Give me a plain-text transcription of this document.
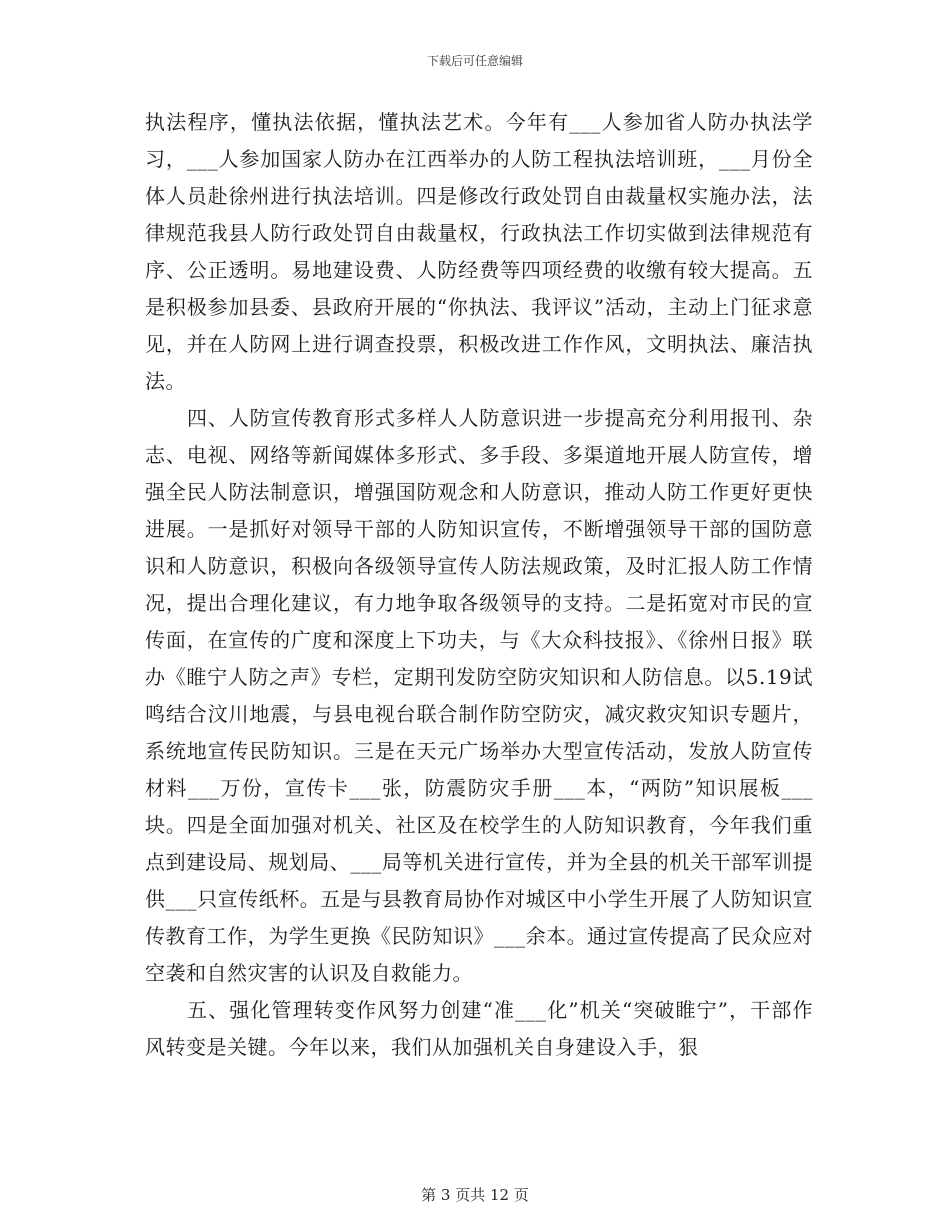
下载后可任意编辑

执法程序，懂执法依据，懂执法艺术。今年有___人参加省人防办执法学习，___人参加国家人防办在江西举办的人防工程执法培训班，___月份全体人员赴徐州进行执法培训。四是修改行政处罚自由裁量权实施办法，法律规范我县人防行政处罚自由裁量权，行政执法工作切实做到法律规范有序、公正透明。易地建设费、人防经费等四项经费的收缴有较大提高。五是积极参加县委、县政府开展的“你执法、我评议”活动，主动上门征求意见，并在人防网上进行调查投票，积极改进工作作风，文明执法、廉洁执法。

四、人防宣传教育形式多样人人防意识进一步提高充分利用报刊、杂志、电视、网络等新闻媒体多形式、多手段、多渠道地开展人防宣传，增强全民人防法制意识，增强国防观念和人防意识，推动人防工作更好更快进展。一是抓好对领导干部的人防知识宣传，不断增强领导干部的国防意识和人防意识，积极向各级领导宣传人防法规政策，及时汇报人防工作情况，提出合理化建议，有力地争取各级领导的支持。二是拓宽对市民的宣传面，在宣传的广度和深度上下功夫，与《大众科技报》、《徐州日报》联办《睢宁人防之声》专栏，定期刊发防空防灾知识和人防信息。以5.19试鸣结合汶川地震，与县电视台联合制作防空防灾，减灾救灾知识专题片，系统地宣传民防知识。三是在天元广场举办大型宣传活动，发放人防宣传材料___万份，宣传卡___张，防震防灾手册___本，“两防”知识展板___块。四是全面加强对机关、社区及在校学生的人防知识教育，今年我们重点到建设局、规划局、___局等机关进行宣传，并为全县的机关干部军训提供___只宣传纸杯。五是与县教育局协作对城区中小学生开展了人防知识宣传教育工作，为学生更换《民防知识》___余本。通过宣传提高了民众应对空袭和自然灾害的认识及自救能力。

五、强化管理转变作风努力创建“准___化”机关“突破睢宁”，干部作风转变是关键。今年以来，我们从加强机关自身建设入手，狠

第 3 页共 12 页
